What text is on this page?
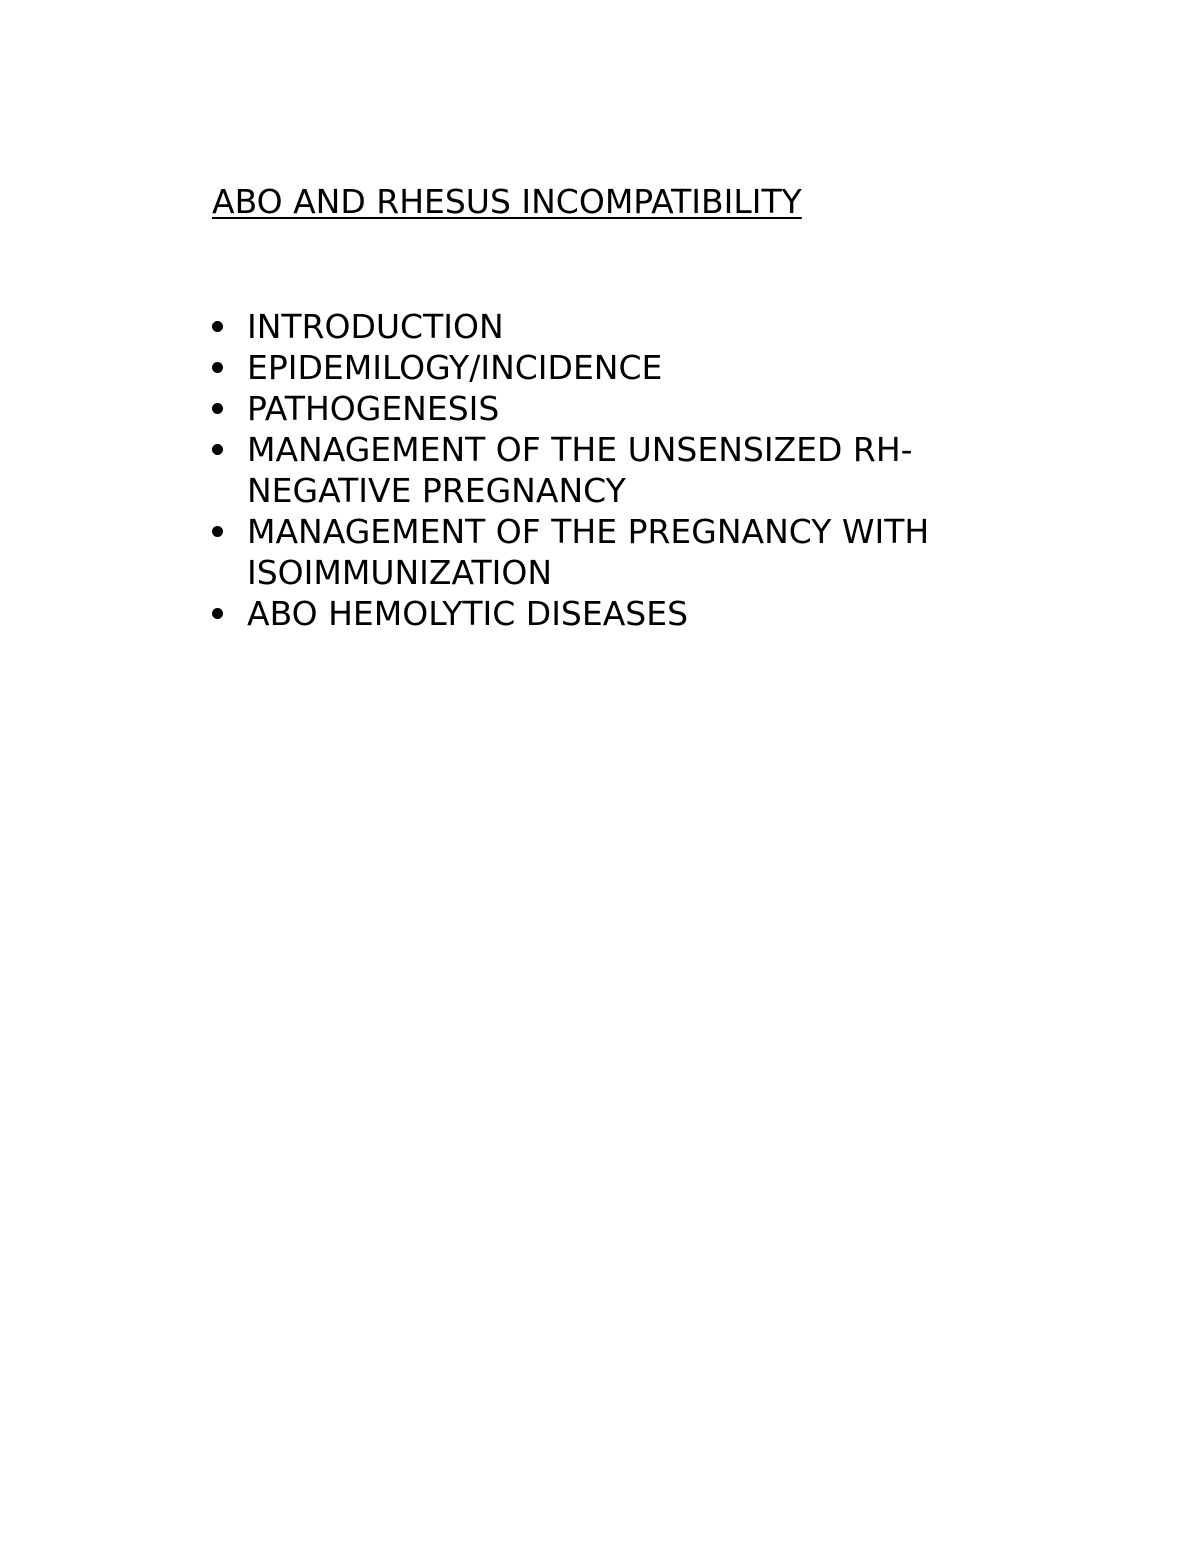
ABO AND RHESUS INCOMPATIBILITY
INTRODUCTION
EPIDEMILOGY/INCIDENCE
PATHOGENESIS
MANAGEMENT OF THE UNSENSIZED RH-NEGATIVE PREGNANCY
MANAGEMENT OF THE PREGNANCY WITH ISOIMMUNIZATION
ABO HEMOLYTIC DISEASES
